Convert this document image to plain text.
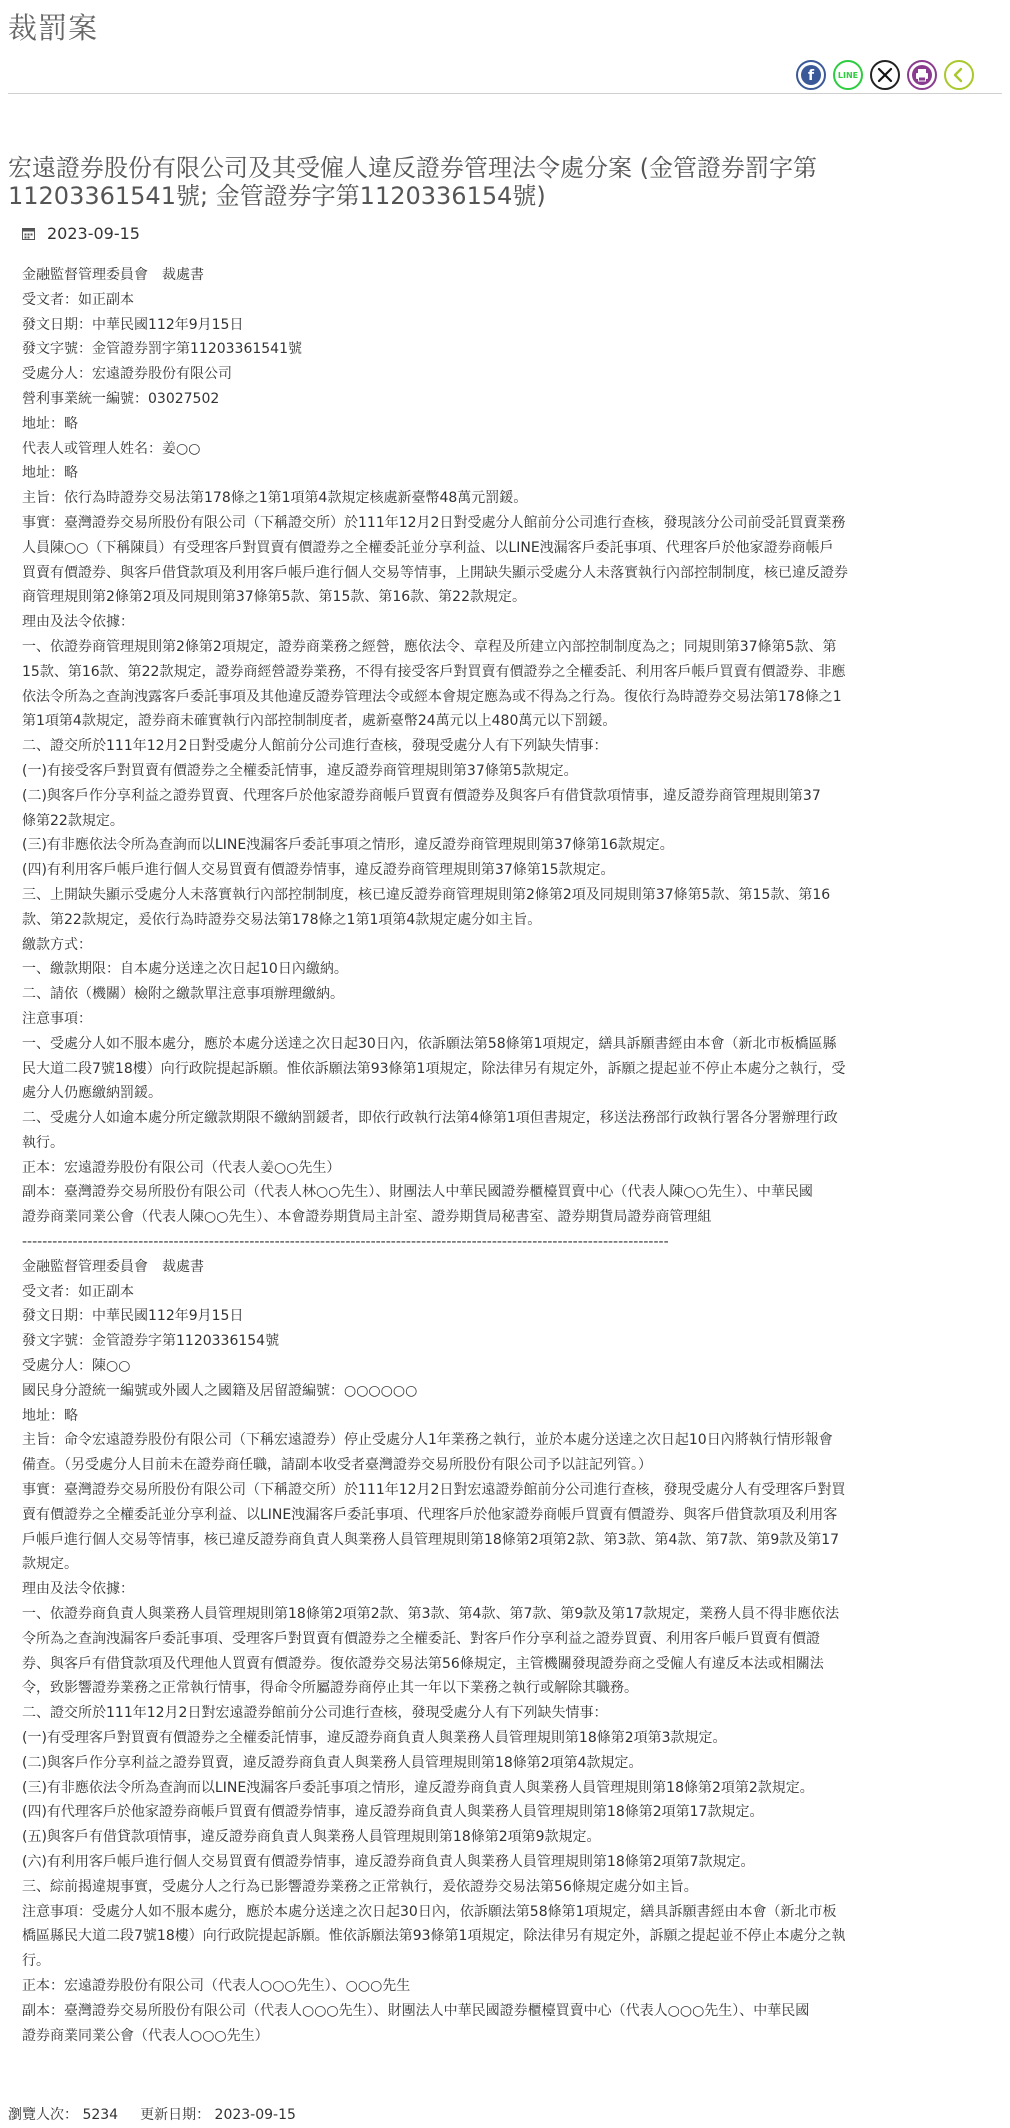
裁罰案
f	LINE
宏遠證券股份有限公司及其受僱人違反證券管理法令處分案 (金管證券罰字第11203361541號; 金管證券字第1120336154號)
2023-09-15
金融監督管理委員會　裁處書
受文者：如正副本
發文日期：中華民國112年9月15日
發文字號：金管證券罰字第11203361541號
受處分人：宏遠證券股份有限公司
營利事業統一編號：03027502
地址：略
代表人或管理人姓名：姜○○
地址：略
主旨：依行為時證券交易法第178條之1第1項第4款規定核處新臺幣48萬元罰鍰。
事實：臺灣證券交易所股份有限公司（下稱證交所）於111年12月2日對受處分人館前分公司進行查核，發現該分公司前受託買賣業務
人員陳○○（下稱陳員）有受理客戶對買賣有價證券之全權委託並分享利益、以LINE洩漏客戶委託事項、代理客戶於他家證券商帳戶
買賣有價證券、與客戶借貸款項及利用客戶帳戶進行個人交易等情事，上開缺失顯示受處分人未落實執行內部控制制度，核已違反證券
商管理規則第2條第2項及同規則第37條第5款、第15款、第16款、第22款規定。
理由及法令依據：
一、依證券商管理規則第2條第2項規定，證券商業務之經營，應依法令、章程及所建立內部控制制度為之；同規則第37條第5款、第
15款、第16款、第22款規定，證券商經營證券業務，不得有接受客戶對買賣有價證券之全權委託、利用客戶帳戶買賣有價證券、非應
依法令所為之查詢洩露客戶委託事項及其他違反證券管理法令或經本會規定應為或不得為之行為。復依行為時證券交易法第178條之1
第1項第4款規定，證券商未確實執行內部控制制度者，處新臺幣24萬元以上480萬元以下罰鍰。
二、證交所於111年12月2日對受處分人館前分公司進行查核，發現受處分人有下列缺失情事：
(一)有接受客戶對買賣有價證券之全權委託情事，違反證券商管理規則第37條第5款規定。
(二)與客戶作分享利益之證券買賣、代理客戶於他家證券商帳戶買賣有價證券及與客戶有借貸款項情事，違反證券商管理規則第37
條第22款規定。
(三)有非應依法令所為查詢而以LINE洩漏客戶委託事項之情形，違反證券商管理規則第37條第16款規定。
(四)有利用客戶帳戶進行個人交易買賣有價證券情事，違反證券商管理規則第37條第15款規定。
三、上開缺失顯示受處分人未落實執行內部控制制度，核已違反證券商管理規則第2條第2項及同規則第37條第5款、第15款、第16
款、第22款規定，爰依行為時證券交易法第178條之1第1項第4款規定處分如主旨。
繳款方式：
一、繳款期限：自本處分送達之次日起10日內繳納。
二、請依（機關）檢附之繳款單注意事項辦理繳納。
注意事項：
一、受處分人如不服本處分，應於本處分送達之次日起30日內，依訴願法第58條第1項規定，繕具訴願書經由本會（新北市板橋區縣
民大道二段7號18樓）向行政院提起訴願。惟依訴願法第93條第1項規定，除法律另有規定外，訴願之提起並不停止本處分之執行，受
處分人仍應繳納罰鍰。
二、受處分人如逾本處分所定繳款期限不繳納罰鍰者，即依行政執行法第4條第1項但書規定，移送法務部行政執行署各分署辦理行政
執行。
正本：宏遠證券股份有限公司（代表人姜○○先生）
副本：臺灣證券交易所股份有限公司（代表人林○○先生）、財團法人中華民國證券櫃檯買賣中心（代表人陳○○先生）、中華民國
證券商業同業公會（代表人陳○○先生）、本會證券期貨局主計室、證券期貨局秘書室、證券期貨局證券商管理組
--------------------------------------------------------------------------------------------------------------------------------
金融監督管理委員會　裁處書
受文者：如正副本
發文日期：中華民國112年9月15日
發文字號：金管證券字第1120336154號
受處分人：陳○○
國民身分證統一編號或外國人之國籍及居留證編號：○○○○○○
地址：略
主旨：命令宏遠證券股份有限公司（下稱宏遠證券）停止受處分人1年業務之執行，並於本處分送達之次日起10日內將執行情形報會
備查。（另受處分人目前未在證券商任職，請副本收受者臺灣證券交易所股份有限公司予以註記列管。）
事實：臺灣證券交易所股份有限公司（下稱證交所）於111年12月2日對宏遠證券館前分公司進行查核，發現受處分人有受理客戶對買
賣有價證券之全權委託並分享利益、以LINE洩漏客戶委託事項、代理客戶於他家證券商帳戶買賣有價證券、與客戶借貸款項及利用客
戶帳戶進行個人交易等情事，核已違反證券商負責人與業務人員管理規則第18條第2項第2款、第3款、第4款、第7款、第9款及第17
款規定。
理由及法令依據：
一、依證券商負責人與業務人員管理規則第18條第2項第2款、第3款、第4款、第7款、第9款及第17款規定，業務人員不得非應依法
令所為之查詢洩漏客戶委託事項、受理客戶對買賣有價證券之全權委託、對客戶作分享利益之證券買賣、利用客戶帳戶買賣有價證
券、與客戶有借貸款項及代理他人買賣有價證券。復依證券交易法第56條規定，主管機關發現證券商之受僱人有違反本法或相關法
令，致影響證券業務之正常執行情事，得命令所屬證券商停止其一年以下業務之執行或解除其職務。
二、證交所於111年12月2日對宏遠證券館前分公司進行查核，發現受處分人有下列缺失情事：
(一)有受理客戶對買賣有價證券之全權委託情事，違反證券商負責人與業務人員管理規則第18條第2項第3款規定。
(二)與客戶作分享利益之證券買賣，違反證券商負責人與業務人員管理規則第18條第2項第4款規定。
(三)有非應依法令所為查詢而以LINE洩漏客戶委託事項之情形，違反證券商負責人與業務人員管理規則第18條第2項第2款規定。
(四)有代理客戶於他家證券商帳戶買賣有價證券情事，違反證券商負責人與業務人員管理規則第18條第2項第17款規定。
(五)與客戶有借貸款項情事，違反證券商負責人與業務人員管理規則第18條第2項第9款規定。
(六)有利用客戶帳戶進行個人交易買賣有價證券情事，違反證券商負責人與業務人員管理規則第18條第2項第7款規定。
三、綜前揭違規事實，受處分人之行為已影響證券業務之正常執行，爰依證券交易法第56條規定處分如主旨。
注意事項：受處分人如不服本處分，應於本處分送達之次日起30日內，依訴願法第58條第1項規定，繕具訴願書經由本會（新北市板
橋區縣民大道二段7號18樓）向行政院提起訴願。惟依訴願法第93條第1項規定，除法律另有規定外，訴願之提起並不停止本處分之執
行。
正本：宏遠證券股份有限公司（代表人○○○先生）、○○○先生
副本：臺灣證券交易所股份有限公司（代表人○○○先生）、財團法人中華民國證券櫃檯買賣中心（代表人○○○先生）、中華民國
證券商業同業公會（代表人○○○先生）
瀏覽人次： 5234 更新日期： 2023-09-15
